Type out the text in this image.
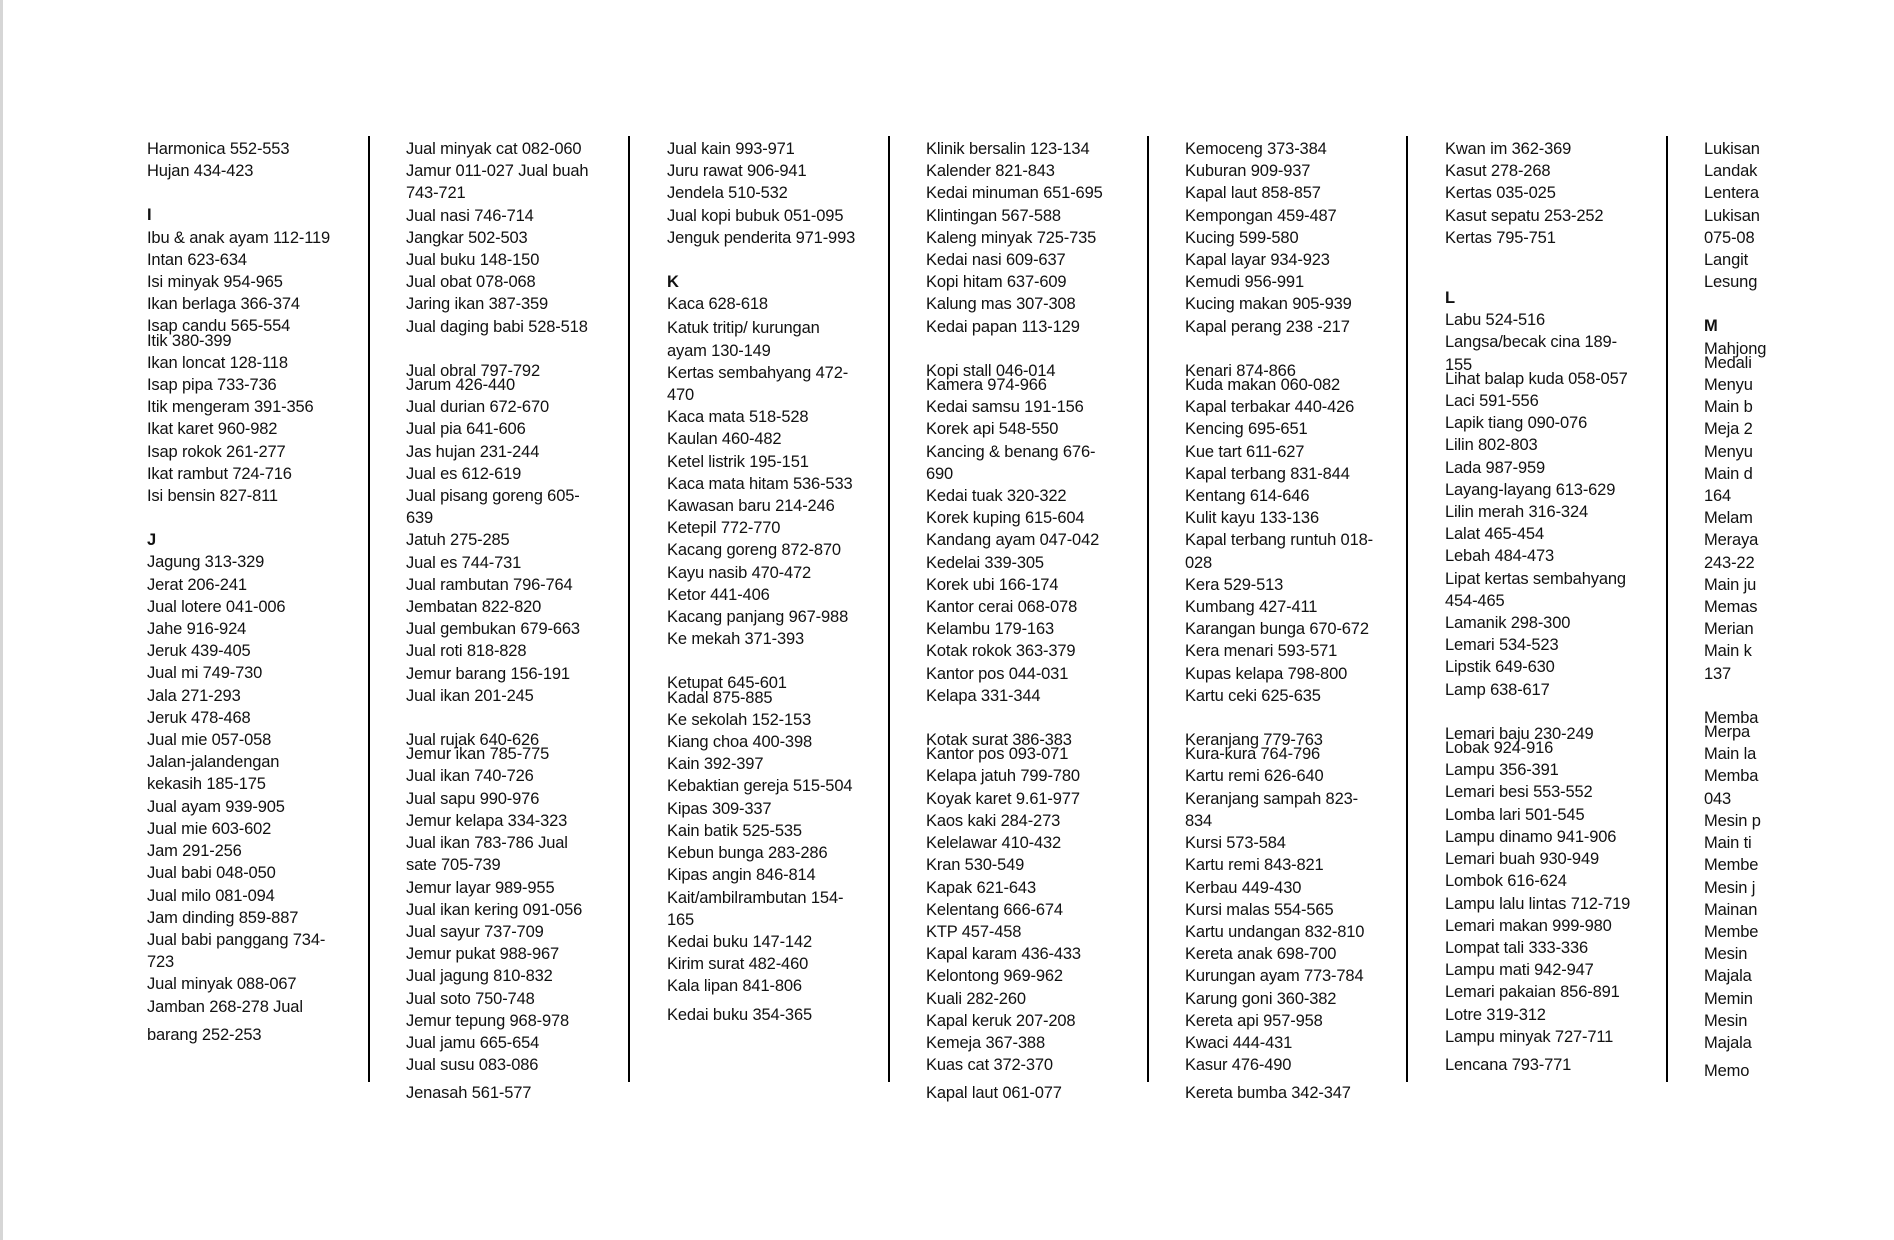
Harmonica 552-553
Hujan 434-423
I
Ibu & anak ayam 112-119
Intan 623-634
Isi minyak 954-965
Ikan berlaga 366-374
Isap candu 565-554
Itik 380-399
Ikan loncat 128-118
Isap pipa 733-736
Itik mengeram 391-356
Ikat karet 960-982
Isap rokok 261-277
Ikat rambut 724-716
Isi bensin 827-811
J
Jagung 313-329
Jerat 206-241
Jual lotere 041-006
Jahe 916-924
Jeruk 439-405
Jual mi 749-730
Jala 271-293
Jeruk 478-468
Jual mie 057-058
Jalan-jalandengan kekasih 185-175
Jual ayam 939-905
Jual mie 603-602
Jam 291-256
Jual babi 048-050
Jual milo 081-094
Jam dinding 859-887
Jual babi panggang 734-723
Jual minyak 088-067
Jamban 268-278 Jual
barang 252-253
Jual minyak cat 082-060
Jamur 011-027 Jual buah 743-721
Jual nasi 746-714
Jangkar 502-503
Jual buku 148-150
Jual obat 078-068
Jaring ikan 387-359
Jual daging babi 528-518
Jual obral 797-792
Jarum 426-440
Jual durian 672-670
Jual pia 641-606
Jas hujan 231-244
Jual es 612-619
Jual pisang goreng 605-639
Jatuh 275-285
Jual es 744-731
Jual rambutan 796-764
Jembatan 822-820
Jual gembukan 679-663
Jual roti 818-828
Jemur barang 156-191
Jual ikan 201-245
Jual rujak 640-626
Jemur ikan 785-775
Jual ikan 740-726
Jual sapu 990-976
Jemur kelapa 334-323
Jual ikan 783-786 Jual sate 705-739
Jemur layar 989-955
Jual ikan kering 091-056
Jual sayur 737-709
Jemur pukat 988-967
Jual jagung 810-832
Jual soto 750-748
Jemur tepung 968-978
Jual jamu 665-654
Jual susu 083-086
Jenasah 561-577
Jual kain 993-971
Juru rawat 906-941
Jendela 510-532
Jual kopi bubuk 051-095
Jenguk penderita 971-993
K
Kaca 628-618
Katuk tritip/ kurungan ayam 130-149
Kertas sembahyang 472-470
Kaca mata 518-528
Kaulan 460-482
Ketel listrik 195-151
Kaca mata hitam 536-533
Kawasan baru 214-246
Ketepil 772-770
Kacang goreng 872-870
Kayu nasib 470-472
Ketor 441-406
Kacang panjang 967-988
Ke mekah 371-393
Ketupat 645-601
Kadal 875-885
Ke sekolah 152-153
Kiang choa 400-398
Kain 392-397
Kebaktian gereja 515-504
Kipas 309-337
Kain batik 525-535
Kebun bunga 283-286
Kipas angin 846-814
Kait/ambilrambutan 154-165
Kedai buku 147-142
Kirim surat 482-460
Kala lipan 841-806
Kedai buku 354-365
Klinik bersalin 123-134
Kalender 821-843
Kedai minuman 651-695
Klintingan 567-588
Kaleng minyak 725-735
Kedai nasi 609-637
Kopi hitam 637-609
Kalung mas 307-308
Kedai papan 113-129
Kopi stall 046-014
Kamera 974-966
Kedai samsu 191-156
Korek api 548-550
Kancing & benang 676-690
Kedai tuak 320-322
Korek kuping 615-604
Kandang ayam 047-042
Kedelai 339-305
Korek ubi 166-174
Kantor cerai 068-078
Kelambu 179-163
Kotak rokok 363-379
Kantor pos 044-031
Kelapa 331-344
Kotak surat 386-383
Kantor pos 093-071
Kelapa jatuh 799-780
Koyak karet 9.61-977
Kaos kaki 284-273
Kelelawar 410-432
Kran 530-549
Kapak 621-643
Kelentang 666-674
KTP 457-458
Kapal karam 436-433
Kelontong 969-962
Kuali 282-260
Kapal keruk 207-208
Kemeja 367-388
Kuas cat 372-370
Kapal laut 061-077
Kemoceng 373-384
Kuburan 909-937
Kapal laut 858-857
Kempongan 459-487
Kucing 599-580
Kapal layar 934-923
Kemudi 956-991
Kucing makan 905-939
Kapal perang 238 -217
Kenari 874-866
Kuda makan 060-082
Kapal terbakar 440-426
Kencing 695-651
Kue tart 611-627
Kapal terbang 831-844
Kentang 614-646
Kulit kayu 133-136
Kapal terbang runtuh 018-028
Kera 529-513
Kumbang 427-411
Karangan bunga 670-672
Kera menari 593-571
Kupas kelapa 798-800
Kartu ceki 625-635
Keranjang 779-763
Kura-kura 764-796
Kartu remi 626-640
Keranjang sampah 823-834
Kursi 573-584
Kartu remi 843-821
Kerbau 449-430
Kursi malas 554-565
Kartu undangan 832-810
Kereta anak 698-700
Kurungan ayam 773-784
Karung goni 360-382
Kereta api 957-958
Kwaci 444-431
Kasur 476-490
Kereta bumba 342-347
Kwan im 362-369
Kasut 278-268
Kertas 035-025
Kasut sepatu 253-252
Kertas 795-751
L
Labu 524-516
Langsa/becak cina 189-155
Lihat balap kuda 058-057
Laci 591-556
Lapik tiang 090-076
Lilin 802-803
Lada 987-959
Layang-layang 613-629
Lilin merah 316-324
Lalat 465-454
Lebah 484-473
Lipat kertas sembahyang 454-465
Lamanik 298-300
Lemari 534-523
Lipstik 649-630
Lamp 638-617
Lemari baju 230-249
Lobak 924-916
Lampu 356-391
Lemari besi 553-552
Lomba lari 501-545
Lampu dinamo 941-906
Lemari buah 930-949
Lombok 616-624
Lampu lalu lintas 712-719
Lemari makan 999-980
Lompat tali 333-336
Lampu mati 942-947
Lemari pakaian 856-891
Lotre 319-312
Lampu minyak 727-711
Lencana 793-771
Lukisan
Landak
Lentera
Lukisan
075-08
Langit
Lesung
M
Mahjong
Medali
Menyu
Main b
Meja 2
Menyu
Main d
164
Melam
Meraya
243-22
Main ju
Memas
Merian
Main k
137
Memba
Merpa
Main la
Memba
043
Mesin p
Main ti
Membe
Mesin j
Mainan
Membe
Mesin
Majala
Memin
Mesin
Majala
Memo
